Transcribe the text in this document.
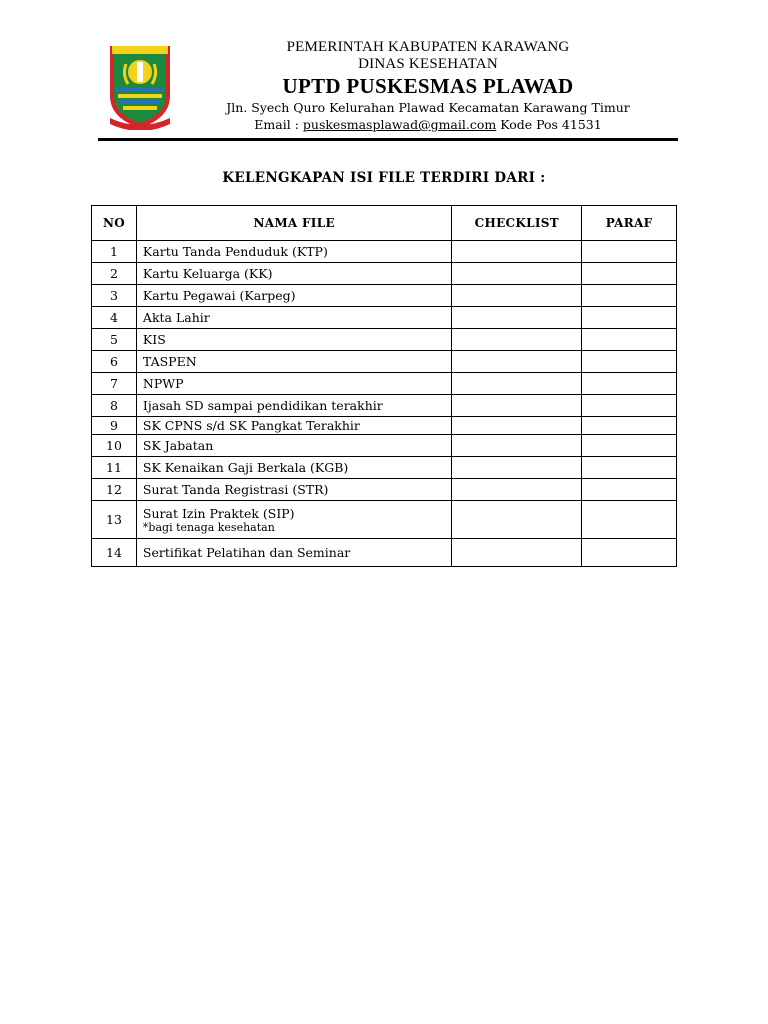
PEMERINTAH KABUPATEN KARAWANG
DINAS KESEHATAN
UPTD PUSKESMAS PLAWAD
Jln. Syech Quro Kelurahan Plawad Kecamatan Karawang Timur
Email : puskesmasplawad@gmail.com Kode Pos 41531
KELENGKAPAN ISI FILE TERDIRI DARI :
NO	NAMA FILE	CHECKLIST	PARAF
1	Kartu Tanda Penduduk (KTP)		
2	Kartu Keluarga (KK)		
3	Kartu Pegawai (Karpeg)		
4	Akta Lahir		
5	KIS		
6	TASPEN		
7	NPWP		
8	Ijasah SD sampai pendidikan terakhir		
9	SK CPNS s/d SK Pangkat Terakhir		
10	SK Jabatan		
11	SK Kenaikan Gaji Berkala (KGB)		
12	Surat Tanda Registrasi (STR)		
13	Surat Izin Praktek (SIP)
*bagi tenaga kesehatan		

14	Sertifikat Pelatihan dan Seminar		
